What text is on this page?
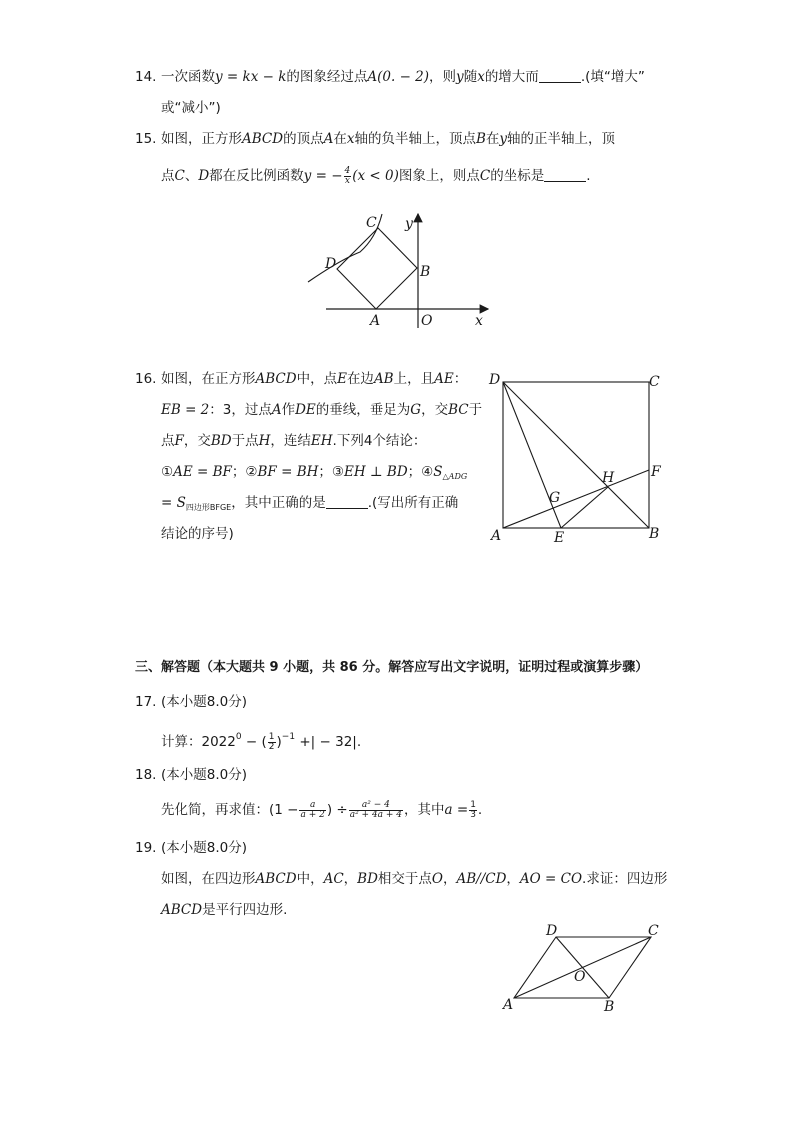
14. 一次函数y = kx − k的图象经过点A(0. − 2)，则y随x的增大而	.(填“增大”
或“减小”)
15. 如图，正方形ABCD的顶点A在x轴的负半轴上，顶点B在y轴的正半轴上，顶
点C、D都在反比例函数y = − $\frac{4}{x} (x < 0)$图象上，则点C的坐标是	.
C y
D	B
A	O	x
16. 如图，在正方形ABCD中，点E在边AB上，且AE：
EB = 2：3，过点A作DE的垂线，垂足为G，交BC于
点F，交BD于点H，连结EH.下列4个结论：
①AE = BF；②BF = BH；③EH ⊥ BD；$④S_{\triangle ADG}$
= $S_{四边形BFGE}$，其中正确的是	.(写出所有正确
结论的序号)
D	C
F
H
G
A	E	B
三、解答题（本大题共 9 小题，共 86 分。解答应写出文字说明，证明过程或演算步骤）
17. (本小题8.0分)
计算：$2022^0$ − ( $\frac{1}{2} )^{-1}$ +| − 32|.
18. (本小题8.0分)
先化简，再求值：($1 - \frac{a}{a + 2}$ ) ÷ $\frac{\text{a² − 4}}{\text{a² + 4a + 4}}$ ，其中$a = \frac{1}{3}$ .
19. (本小题8.0分)
如图，在四边形ABCD中，AC，BD相交于点O，AB//CD，AO = CO.求证：四边形
ABCD是平行四边形.
D	C
O
A	B
